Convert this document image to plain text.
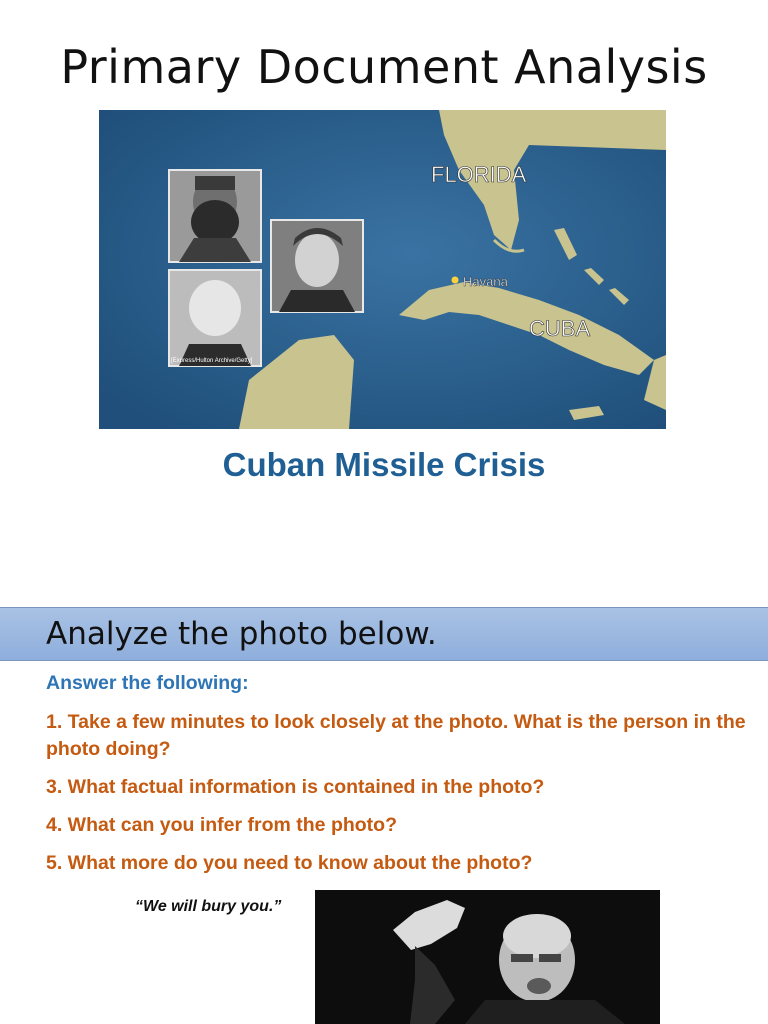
Primary Document Analysis
FLORIDA
Havana
CUBA
[Express/Hulton Archive/Getty]
Cuban Missile Crisis
Analyze the photo below.
Answer the following:
1. Take a few minutes to look closely at the photo. What is the person in the photo doing?
3. What factual information is contained in the photo?
4. What can you infer from the photo?
5. What more do you need to know about the photo?
“We will bury you.”
